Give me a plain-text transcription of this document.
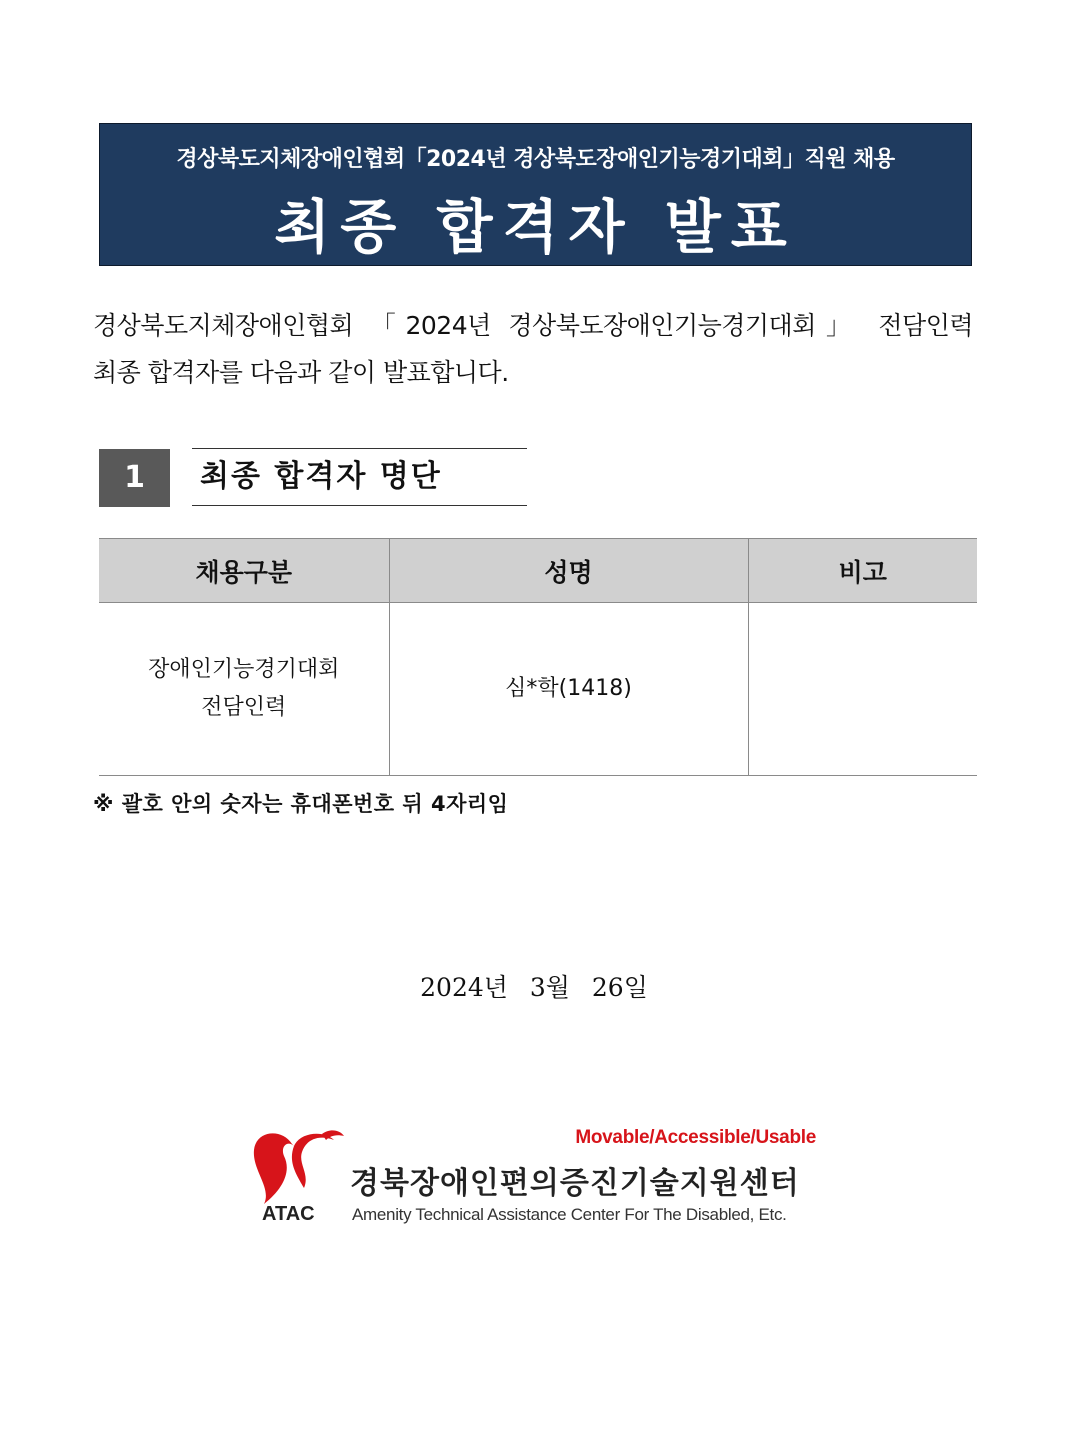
경상북도지체장애인협회「2024년 경상북도장애인기능경기대회」직원 채용
최종 합격자 발표
경상북도지체장애인협회 「2024년 경상북도장애인기능경기대회」 전담인력
최종 합격자를 다음과 같이 발표합니다.
1	최종 합격자 명단
채용구분	성명	비고

장애인기능경기대회
전담인력	심*학(1418)	
※ 괄호 안의 숫자는 휴대폰번호 뒤 4자리임
2024년 3월 26일
ATAC
Movable/Accessible/Usable
경북장애인편의증진기술지원센터
Amenity Technical Assistance Center For The Disabled, Etc.
